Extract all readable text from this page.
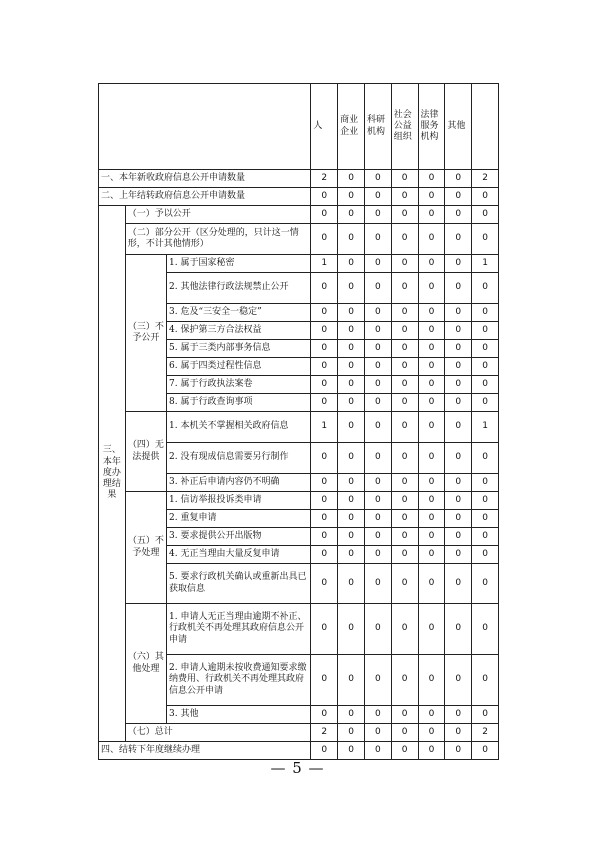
			人	商业企业	科研机构	社会公益组织	法律服务机构	其他	
一、本年新收政府信息公开申请数量			2	0	0	0	0	0	2
二、上年结转政府信息公开申请数量			0	0	0	0	0	0	0
三、本年度办理结果	（一）予以公开		0	0	0	0	0	0	0
	（二）部分公开（区分处理的，只计这一情形，不计其他情形）		0	0	0	0	0	0	0
	（三）不予公开	1. 属于国家秘密	1	0	0	0	0	0	1
		2. 其他法律行政法规禁止公开	0	0	0	0	0	0	0
		3. 危及“三安全一稳定”	0	0	0	0	0	0	0
		4. 保护第三方合法权益	0	0	0	0	0	0	0
		5. 属于三类内部事务信息	0	0	0	0	0	0	0
		6. 属于四类过程性信息	0	0	0	0	0	0	0
		7. 属于行政执法案卷	0	0	0	0	0	0	0
		8. 属于行政查询事项	0	0	0	0	0	0	0
	（四）无法提供	1. 本机关不掌握相关政府信息	1	0	0	0	0	0	1
		2. 没有现成信息需要另行制作	0	0	0	0	0	0	0
		3. 补正后申请内容仍不明确	0	0	0	0	0	0	0
	（五）不予处理	1. 信访举报投诉类申请	0	0	0	0	0	0	0
		2. 重复申请	0	0	0	0	0	0	0
		3. 要求提供公开出版物	0	0	0	0	0	0	0
		4. 无正当理由大量反复申请	0	0	0	0	0	0	0
		5. 要求行政机关确认或重新出具已获取信息	0	0	0	0	0	0	0
	（六）其他处理	1. 申请人无正当理由逾期不补正、行政机关不再处理其政府信息公开申请	0	0	0	0	0	0	0
		2. 申请人逾期未按收费通知要求缴纳费用、行政机关不再处理其政府信息公开申请	0	0	0	0	0	0	0
		3. 其他	0	0	0	0	0	0	0
	（七）总计		2	0	0	0	0	0	2
四、结转下年度继续办理			0	0	0	0	0	0	0
— 5 —
